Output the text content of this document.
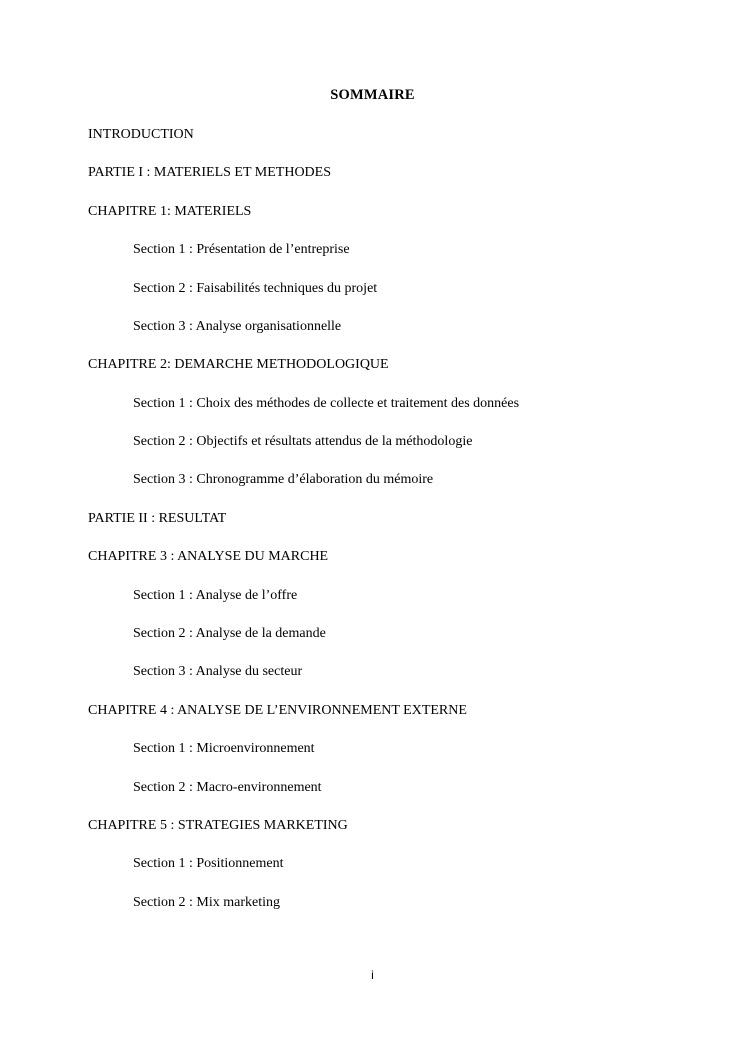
SOMMAIRE
INTRODUCTION
PARTIE I : MATERIELS ET METHODES
CHAPITRE 1: MATERIELS
Section 1 : Présentation de l’entreprise
Section 2 : Faisabilités techniques du projet
Section 3 : Analyse organisationnelle
CHAPITRE 2: DEMARCHE METHODOLOGIQUE
Section 1 : Choix des méthodes de collecte et traitement des données
Section 2 : Objectifs et résultats attendus de la méthodologie
Section 3 : Chronogramme d’élaboration du mémoire
PARTIE II : RESULTAT
CHAPITRE 3 : ANALYSE DU MARCHE
Section 1 : Analyse de l’offre
Section 2 : Analyse de la demande
Section 3 : Analyse du secteur
CHAPITRE 4 : ANALYSE DE L’ENVIRONNEMENT EXTERNE
Section 1 : Microenvironnement
Section 2 : Macro-environnement
CHAPITRE 5 : STRATEGIES MARKETING
Section 1 : Positionnement
Section 2 : Mix marketing
i
